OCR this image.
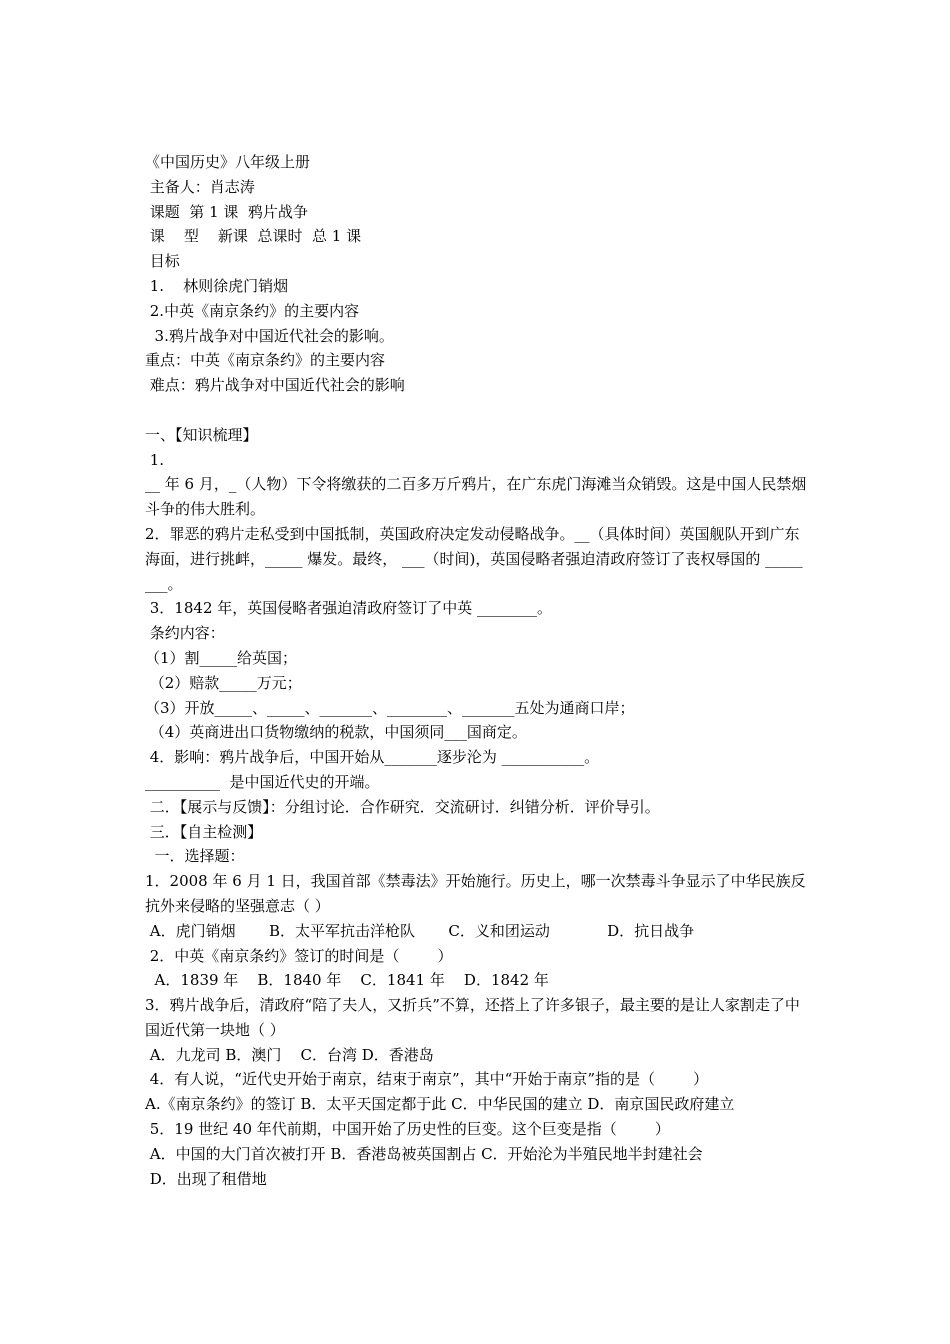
《中国历史》八年级上册
主备人：肖志涛
课题  第 1 课  鸦片战争
课    型    新课  总课时  总 1 课
目标
1.    林则徐虎门销烟
2.中英《南京条约》的主要内容
3.鸦片战争对中国近代社会的影响。
重点：中英《南京条约》的主要内容
难点：鸦片战争对中国近代社会的影响
一、【知识梳理】
1.
__ 年 6 月，_（人物）下令将缴获的二百多万斤鸦片，在广东虎门海滩当众销毁。这是中国人民禁烟斗争的伟大胜利。
2．罪恶的鸦片走私受到中国抵制，英国政府决定发动侵略战争。__（具体时间）英国舰队开到广东海面，进行挑衅，_____ 爆发。最终， ___（时间)，英国侵略者强迫清政府签订了丧权辱国的 ________。
3．1842 年，英国侵略者强迫清政府签订了中英 ________。
条约内容：
（1）割_____给英国；
（2）赔款_____万元；
（3）开放_____、_____、_______、________、_______五处为通商口岸；
（4）英商进出口货物缴纳的税款，中国须同___国商定。
4．影响：鸦片战争后，中国开始从_______逐步沦为 ___________。
__________  是中国近代史的开端。
二．【展示与反馈】：分组讨论．合作研究．交流研讨．纠错分析．评价导引。
三．【自主检测】
一．选择题：
1．2008 年 6 月 1 日，我国首部《禁毒法》开始施行。历史上，哪一次禁毒斗争显示了中华民族反抗外来侵略的坚强意志（ ）
A．虎门销烟       B．太平军抗击洋枪队       C．义和团运动            D．抗日战争
2．中英《南京条约》签订的时间是（        ）
A．1839 年    B．1840 年    C．1841 年    D．1842 年
3．鸦片战争后，清政府“陪了夫人，又折兵”不算，还搭上了许多银子，最主要的是让人家割走了中国近代第一块地（ ）
A．九龙司 B．澳门    C．台湾 D．香港岛
4．有人说，“近代史开始于南京，结束于南京”，其中“开始于南京”指的是（        ）
A.《南京条约》的签订 B．太平天国定都于此 C．中华民国的建立 D．南京国民政府建立
5．19 世纪 40 年代前期，中国开始了历史性的巨变。这个巨变是指（        ）
A．中国的大门首次被打开 B．香港岛被英国割占 C．开始沦为半殖民地半封建社会
D．出现了租借地
